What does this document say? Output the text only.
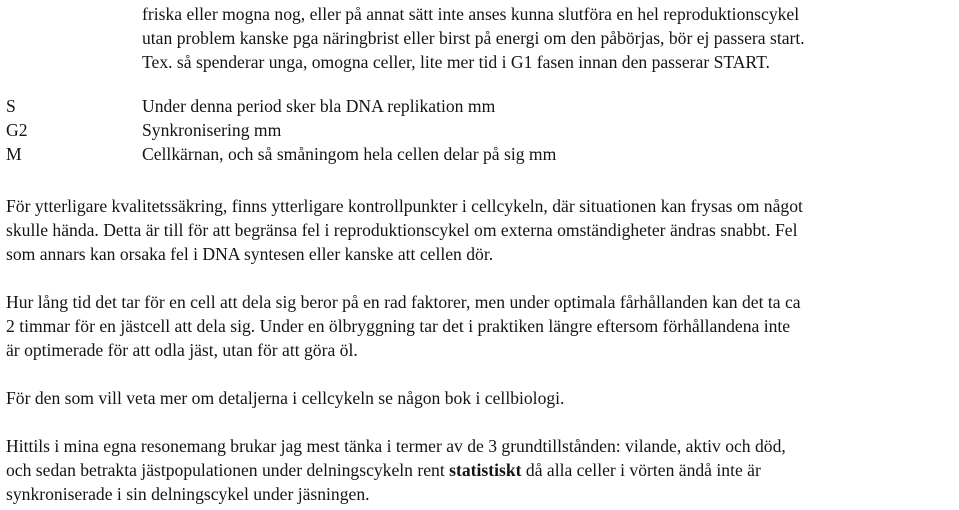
friska eller mogna nog, eller på annat sätt inte anses kunna slutföra en hel reproduktionscykel
utan problem kanske pga näringbrist eller birst på energi om den påbörjas, bör ej passera start.
Tex. så spenderar unga, omogna celler, lite mer tid i G1 fasen innan den passerar START.
S	Under denna period sker bla DNA replikation mm
G2	Synkronisering mm
M	Cellkärnan, och så småningom hela cellen delar på sig mm

För ytterligare kvalitetssäkring, finns ytterligare kontrollpunkter i cellcykeln, där situationen kan frysas om något
skulle hända. Detta är till för att begränsa fel i reproduktionscykel om externa omständigheter ändras snabbt. Fel
som annars kan orsaka fel i DNA syntesen eller kanske att cellen dör.

Hur lång tid det tar för en cell att dela sig beror på en rad faktorer, men under optimala fårhållanden kan det ta ca
2 timmar för en jästcell att dela sig. Under en ölbryggning tar det i praktiken längre eftersom förhållandena inte
är optimerade för att odla jäst, utan för att göra öl.

För den som vill veta mer om detaljerna i cellcykeln se någon bok i cellbiologi.

Hittils i mina egna resonemang brukar jag mest tänka i termer av de 3 grundtillstånden: vilande, aktiv och död,
och sedan betrakta jästpopulationen under delningscykeln rent statistiskt då alla celler i vörten ändå inte är
synkroniserade i sin delningscykel under jäsningen.
